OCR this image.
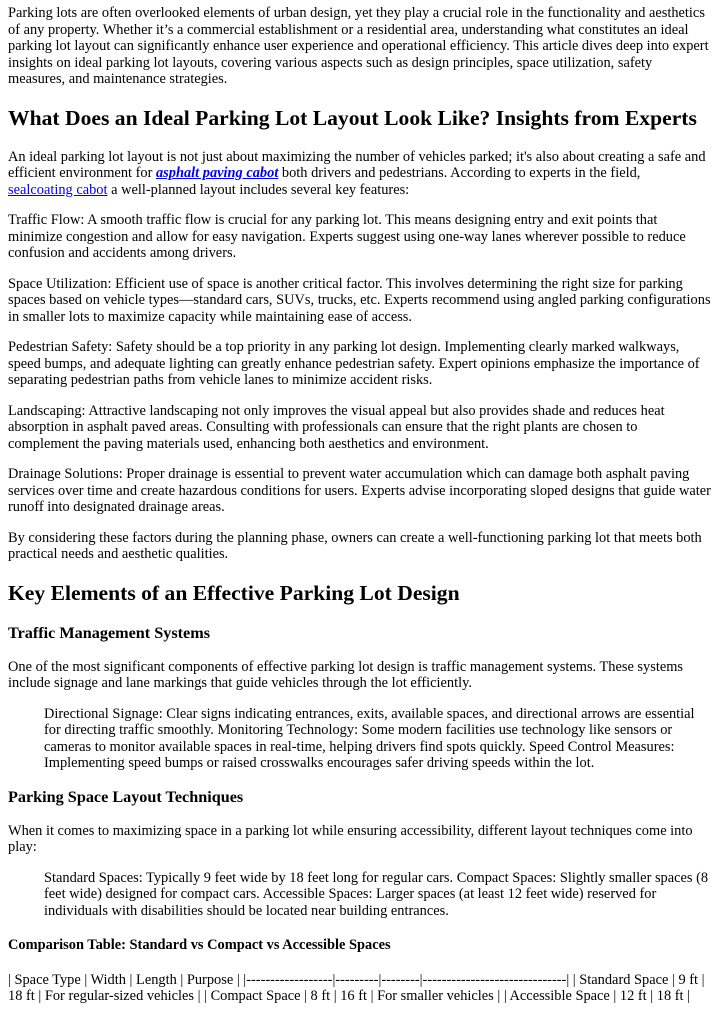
Parking lots are often overlooked elements of urban design, yet they play a crucial role in the functionality and aesthetics of any property. Whether it’s a commercial establishment or a residential area, understanding what constitutes an ideal parking lot layout can significantly enhance user experience and operational efficiency. This article dives deep into expert insights on ideal parking lot layouts, covering various aspects such as design principles, space utilization, safety measures, and maintenance strategies.

What Does an Ideal Parking Lot Layout Look Like? Insights from Experts

An ideal parking lot layout is not just about maximizing the number of vehicles parked; it's also about creating a safe and efficient environment for asphalt paving cabot both drivers and pedestrians. According to experts in the field,
sealcoating cabot a well-planned layout includes several key features:

Traffic Flow: A smooth traffic flow is crucial for any parking lot. This means designing entry and exit points that minimize congestion and allow for easy navigation. Experts suggest using one-way lanes wherever possible to reduce confusion and accidents among drivers.

Space Utilization: Efficient use of space is another critical factor. This involves determining the right size for parking spaces based on vehicle types—standard cars, SUVs, trucks, etc. Experts recommend using angled parking configurations in smaller lots to maximize capacity while maintaining ease of access.

Pedestrian Safety: Safety should be a top priority in any parking lot design. Implementing clearly marked walkways, speed bumps, and adequate lighting can greatly enhance pedestrian safety. Expert opinions emphasize the importance of separating pedestrian paths from vehicle lanes to minimize accident risks.

Landscaping: Attractive landscaping not only improves the visual appeal but also provides shade and reduces heat absorption in asphalt paved areas. Consulting with professionals can ensure that the right plants are chosen to complement the paving materials used, enhancing both aesthetics and environment.

Drainage Solutions: Proper drainage is essential to prevent water accumulation which can damage both asphalt paving services over time and create hazardous conditions for users. Experts advise incorporating sloped designs that guide water runoff into designated drainage areas.

By considering these factors during the planning phase, owners can create a well-functioning parking lot that meets both practical needs and aesthetic qualities.

Key Elements of an Effective Parking Lot Design
Traffic Management Systems

One of the most significant components of effective parking lot design is traffic management systems. These systems include signage and lane markings that guide vehicles through the lot efficiently.

Directional Signage: Clear signs indicating entrances, exits, available spaces, and directional arrows are essential for directing traffic smoothly. Monitoring Technology: Some modern facilities use technology like sensors or cameras to monitor available spaces in real-time, helping drivers find spots quickly. Speed Control Measures: Implementing speed bumps or raised crosswalks encourages safer driving speeds within the lot.
Parking Space Layout Techniques

When it comes to maximizing space in a parking lot while ensuring accessibility, different layout techniques come into play:

Standard Spaces: Typically 9 feet wide by 18 feet long for regular cars. Compact Spaces: Slightly smaller spaces (8 feet wide) designed for compact cars. Accessible Spaces: Larger spaces (at least 12 feet wide) reserved for individuals with disabilities should be located near building entrances.
Comparison Table: Standard vs Compact vs Accessible Spaces

| Space Type | Width | Length | Purpose | |------------------|---------|--------|------------------------------| | Standard Space | 9 ft | 18 ft | For regular-sized vehicles | | Compact Space | 8 ft | 16 ft | For smaller vehicles | | Accessible Space | 12 ft | 18 ft |
